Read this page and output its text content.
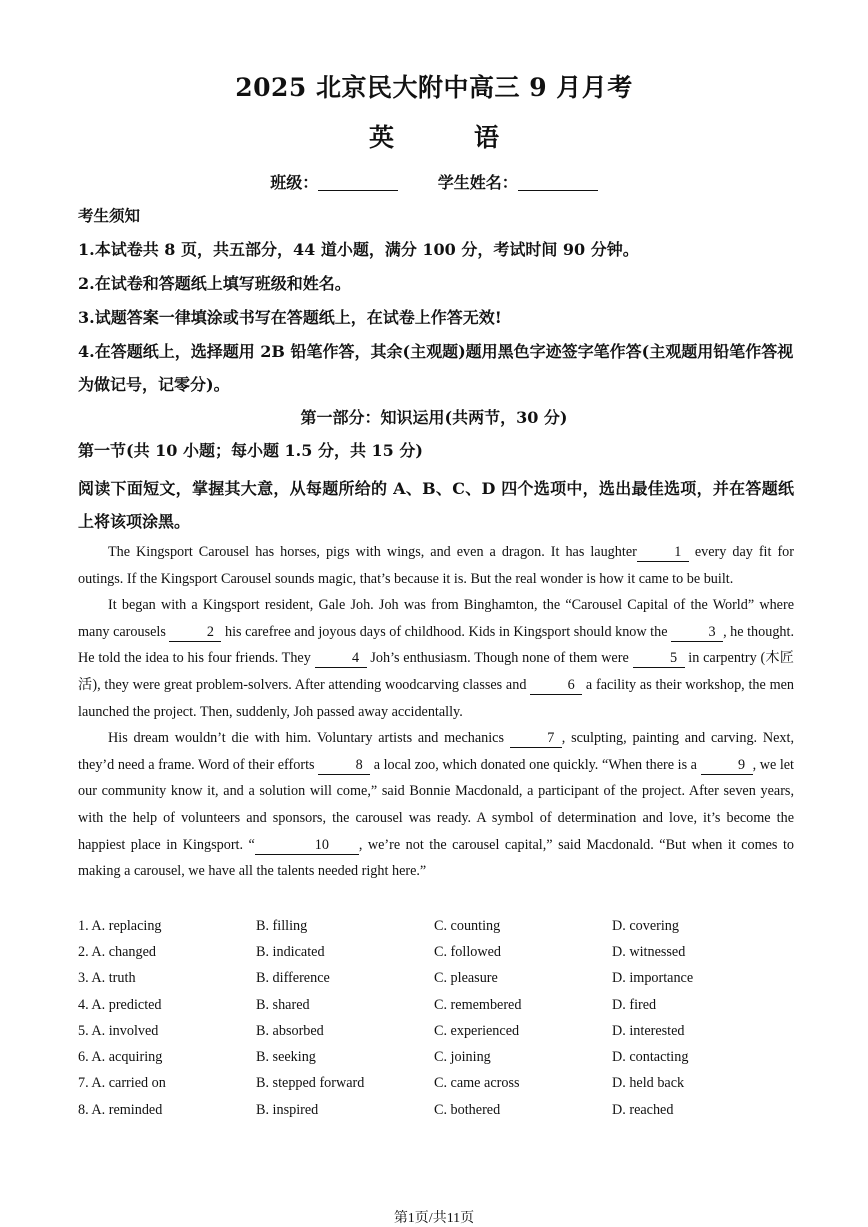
2025 北京民大附中高三 9 月月考
英 语
班级：	学生姓名：
考生须知
1.本试卷共 8 页，共五部分，44 道小题，满分 100 分，考试时间 90 分钟。
2.在试卷和答题纸上填写班级和姓名。
3.试题答案一律填涂或书写在答题纸上，在试卷上作答无效!
4.在答题纸上，选择题用 2B 铅笔作答，其余(主观题)题用黑色字迹签字笔作答(主观题用铅笔作答视为做记号，记零分)。
第一部分：知识运用(共两节，30 分)
第一节(共 10 小题；每小题 1.5 分，共 15 分)
阅读下面短文，掌握其大意，从每题所给的 A、B、C、D 四个选项中，选出最佳选项，并在答题纸上将该项涂黑。

The Kingsport Carousel has horses, pigs with wings, and even a dragon. It has laughter	1 every day fit for outings. If the Kingsport Carousel sounds magic, that’s because it is. But the real wonder is how it came to be built.

It began with a Kingsport resident, Gale Joh. Joh was from Binghamton, the “Carousel Capital of the World” where many carousels	2 his carefree and joyous days of childhood. Kids in Kingsport should know the	3 , he thought. He told the idea to his four friends. They	4 Joh’s enthusiasm. Though none of them were	5 in carpentry (木匠活), they were great problem-solvers. After attending woodcarving classes and	6 a facility as their workshop, the men launched the project. Then, suddenly, Joh passed away accidentally.

His dream wouldn’t die with him. Voluntary artists and mechanics	7 , sculpting, painting and carving. Next, they’d need a frame. Word of their efforts	8 a local zoo, which donated one quickly. “When there is a	9 , we let our community know it, and a solution will come,” said Bonnie Macdonald, a participant of the project. After seven years, with the help of volunteers and sponsors, the carousel was ready. A symbol of determination and love, it’s become the happiest place in Kingsport. “	10 , we’re not the carousel capital,” said Macdonald. “But when it comes to making a carousel, we have all the talents needed right here.”

1. A. replacing	B. filling	C. counting	D. covering
2. A. changed	B. indicated	C. followed	D. witnessed
3. A. truth	B. difference	C. pleasure	D. importance
4. A. predicted	B. shared	C. remembered	D. fired
5. A. involved	B. absorbed	C. experienced	D. interested
6. A. acquiring	B. seeking	C. joining	D. contacting
7. A. carried on	B. stepped forward	C. came across	D. held back
8. A. reminded	B. inspired	C. bothered	D. reached
第1页/共11页
